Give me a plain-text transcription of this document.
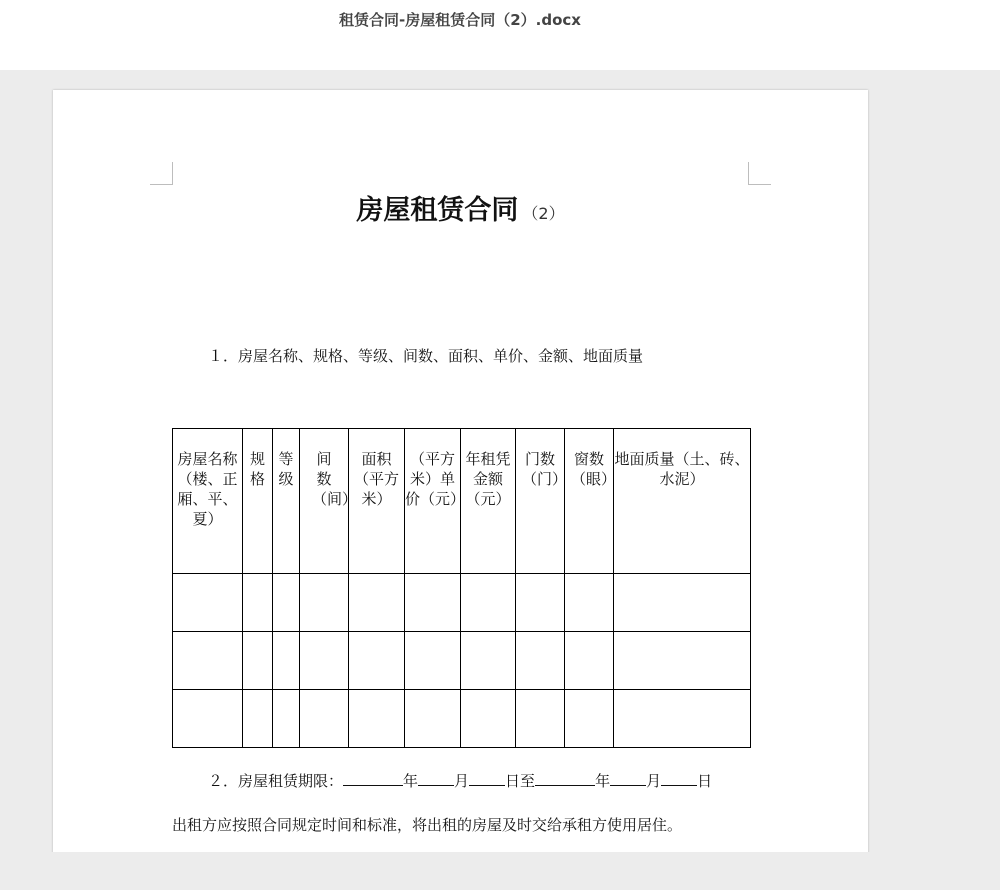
租赁合同-房屋租赁合同（2）.docx
房屋租赁合同 （2）
１．房屋名称、规格、等级、间数、面积、单价、金额、地面质量
房屋名称（楼、正厢、平、夏）	规格	等级	间数（间）	面积（平方米）	（平方米）单价（元）	年租凭金额（元）	门数（门）	窗数（眼）	地面质量（土、砖、水泥）

２．房屋租赁期限：	年 月 日至	年 月 日
出租方应按照合同规定时间和标准，将出租的房屋及时交给承租方使用居住。
